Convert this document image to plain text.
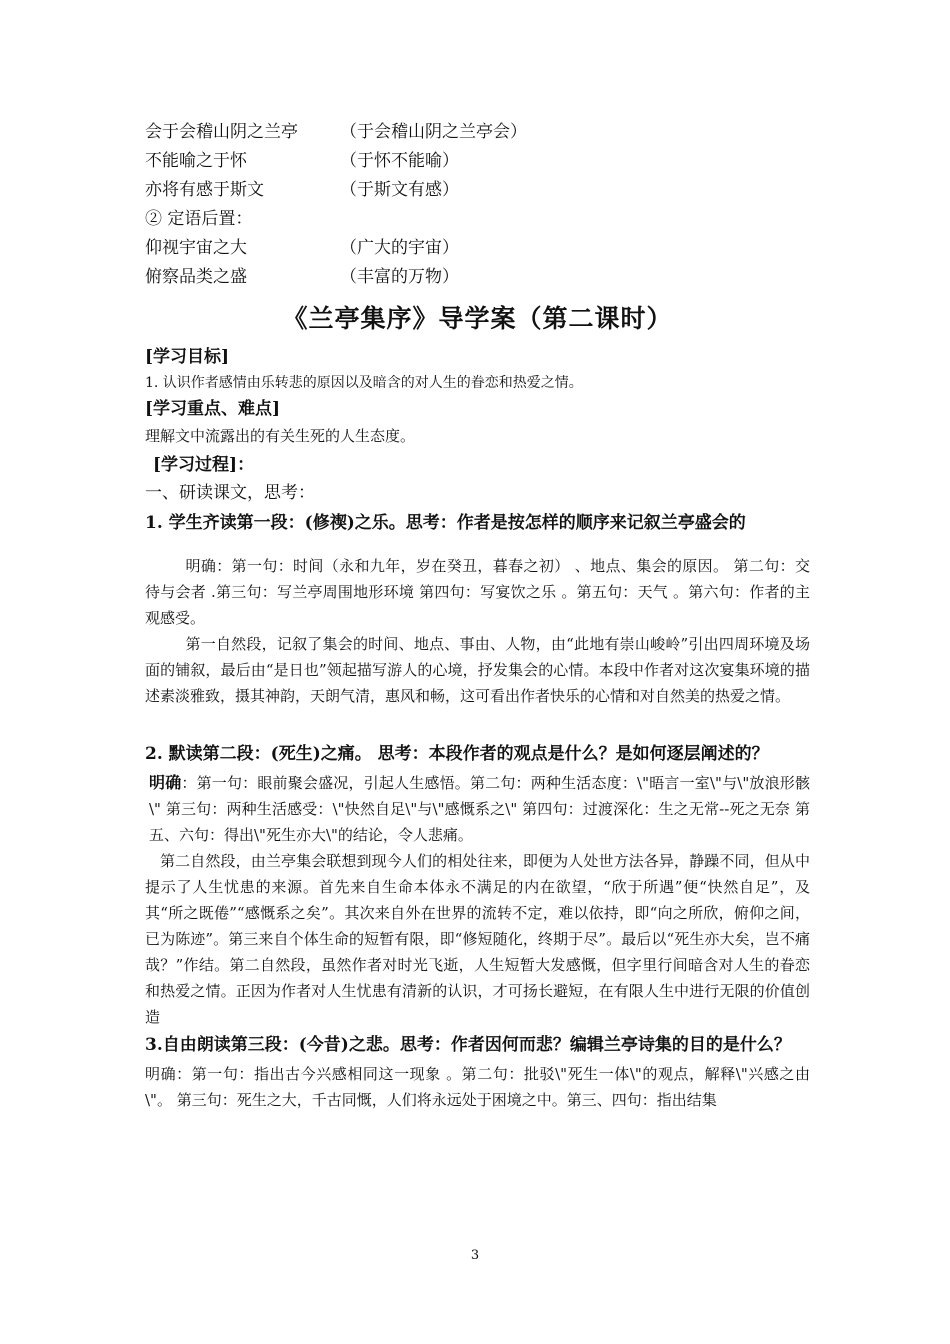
会于会稽山阴之兰亭	（于会稽山阴之兰亭会）
不能喻之于怀	（于怀不能喻）
亦将有感于斯文	（于斯文有感）
② 定语后置：
仰视宇宙之大	（广大的宇宙）
俯察品类之盛	（丰富的万物）
《兰亭集序》导学案（第二课时）
[学习目标]
1. 认识作者感情由乐转悲的原因以及暗含的对人生的眷恋和热爱之情。
[学习重点、难点]
理解文中流露出的有关生死的人生态度。
[学习过程]：
一、研读课文，思考：
1. 学生齐读第一段：(修禊)之乐。思考：作者是按怎样的顺序来记叙兰亭盛会的
明确：第一句：时间（永和九年，岁在癸丑，暮春之初） 、地点、集会的原因。 第二句：交待与会者 .第三句：写兰亭周围地形环境 第四句：写宴饮之乐 。第五句：天气 。第六句：作者的主观感受。
第一自然段，记叙了集会的时间、地点、事由、人物，由“此地有崇山峻岭”引出四周环境及场面的铺叙，最后由“是日也”领起描写游人的心境，抒发集会的心情。本段中作者对这次宴集环境的描述素淡雅致，摄其神韵，天朗气清，惠风和畅，这可看出作者快乐的心情和对自然美的热爱之情。
2. 默读第二段：(死生)之痛。 思考：本段作者的观点是什么？是如何逐层阐述的？
明确：第一句：眼前聚会盛况，引起人生感悟。第二句：两种生活态度：\"晤言一室\"与\"放浪形骸\" 第三句：两种生活感受：\"快然自足\"与\"感慨系之\" 第四句：过渡深化：生之无常--死之无奈 第五、六句：得出\"死生亦大\"的结论，令人悲痛。
第二自然段，由兰亭集会联想到现今人们的相处往来，即便为人处世方法各异，静躁不同，但从中提示了人生忧患的来源。首先来自生命本体永不满足的内在欲望，“欣于所遇”便“快然自足”，及其“所之既倦”“感慨系之矣”。其次来自外在世界的流转不定，难以依持，即“向之所欣，俯仰之间，已为陈迹”。第三来自个体生命的短暂有限，即“修短随化，终期于尽”。最后以“死生亦大矣，岂不痛哉？”作结。第二自然段，虽然作者对时光飞逝，人生短暂大发感慨，但字里行间暗含对人生的眷恋和热爱之情。正因为作者对人生忧患有清新的认识，才可扬长避短，在有限人生中进行无限的价值创造
3.自由朗读第三段：(今昔)之悲。思考：作者因何而悲？编辑兰亭诗集的目的是什么？
明确：第一句：指出古今兴感相同这一现象 。第二句：批驳\"死生一体\"的观点，解释\"兴感之由\"。 第三句：死生之大，千古同慨，人们将永远处于困境之中。第三、四句：指出结集
3
